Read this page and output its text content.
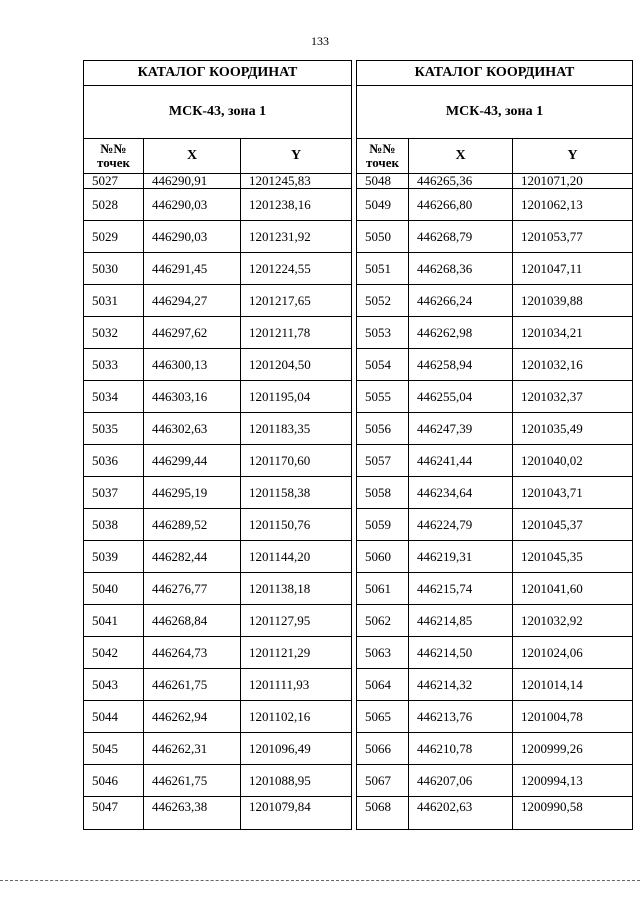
133
КАТАЛОГ КООРДИНАТ		
МСК-43, зона 1		
№№
точек	X	Y
5027	446290,91	1201245,83
5028	446290,03	1201238,16
5029	446290,03	1201231,92
5030	446291,45	1201224,55
5031	446294,27	1201217,65
5032	446297,62	1201211,78
5033	446300,13	1201204,50
5034	446303,16	1201195,04
5035	446302,63	1201183,35
5036	446299,44	1201170,60
5037	446295,19	1201158,38
5038	446289,52	1201150,76
5039	446282,44	1201144,20
5040	446276,77	1201138,18
5041	446268,84	1201127,95
5042	446264,73	1201121,29
5043	446261,75	1201111,93
5044	446262,94	1201102,16
5045	446262,31	1201096,49
5046	446261,75	1201088,95
5047	446263,38	1201079,84
КАТАЛОГ КООРДИНАТ		
МСК-43, зона 1		
№№
точек	X	Y
5048	446265,36	1201071,20
5049	446266,80	1201062,13
5050	446268,79	1201053,77
5051	446268,36	1201047,11
5052	446266,24	1201039,88
5053	446262,98	1201034,21
5054	446258,94	1201032,16
5055	446255,04	1201032,37
5056	446247,39	1201035,49
5057	446241,44	1201040,02
5058	446234,64	1201043,71
5059	446224,79	1201045,37
5060	446219,31	1201045,35
5061	446215,74	1201041,60
5062	446214,85	1201032,92
5063	446214,50	1201024,06
5064	446214,32	1201014,14
5065	446213,76	1201004,78
5066	446210,78	1200999,26
5067	446207,06	1200994,13
5068	446202,63	1200990,58
